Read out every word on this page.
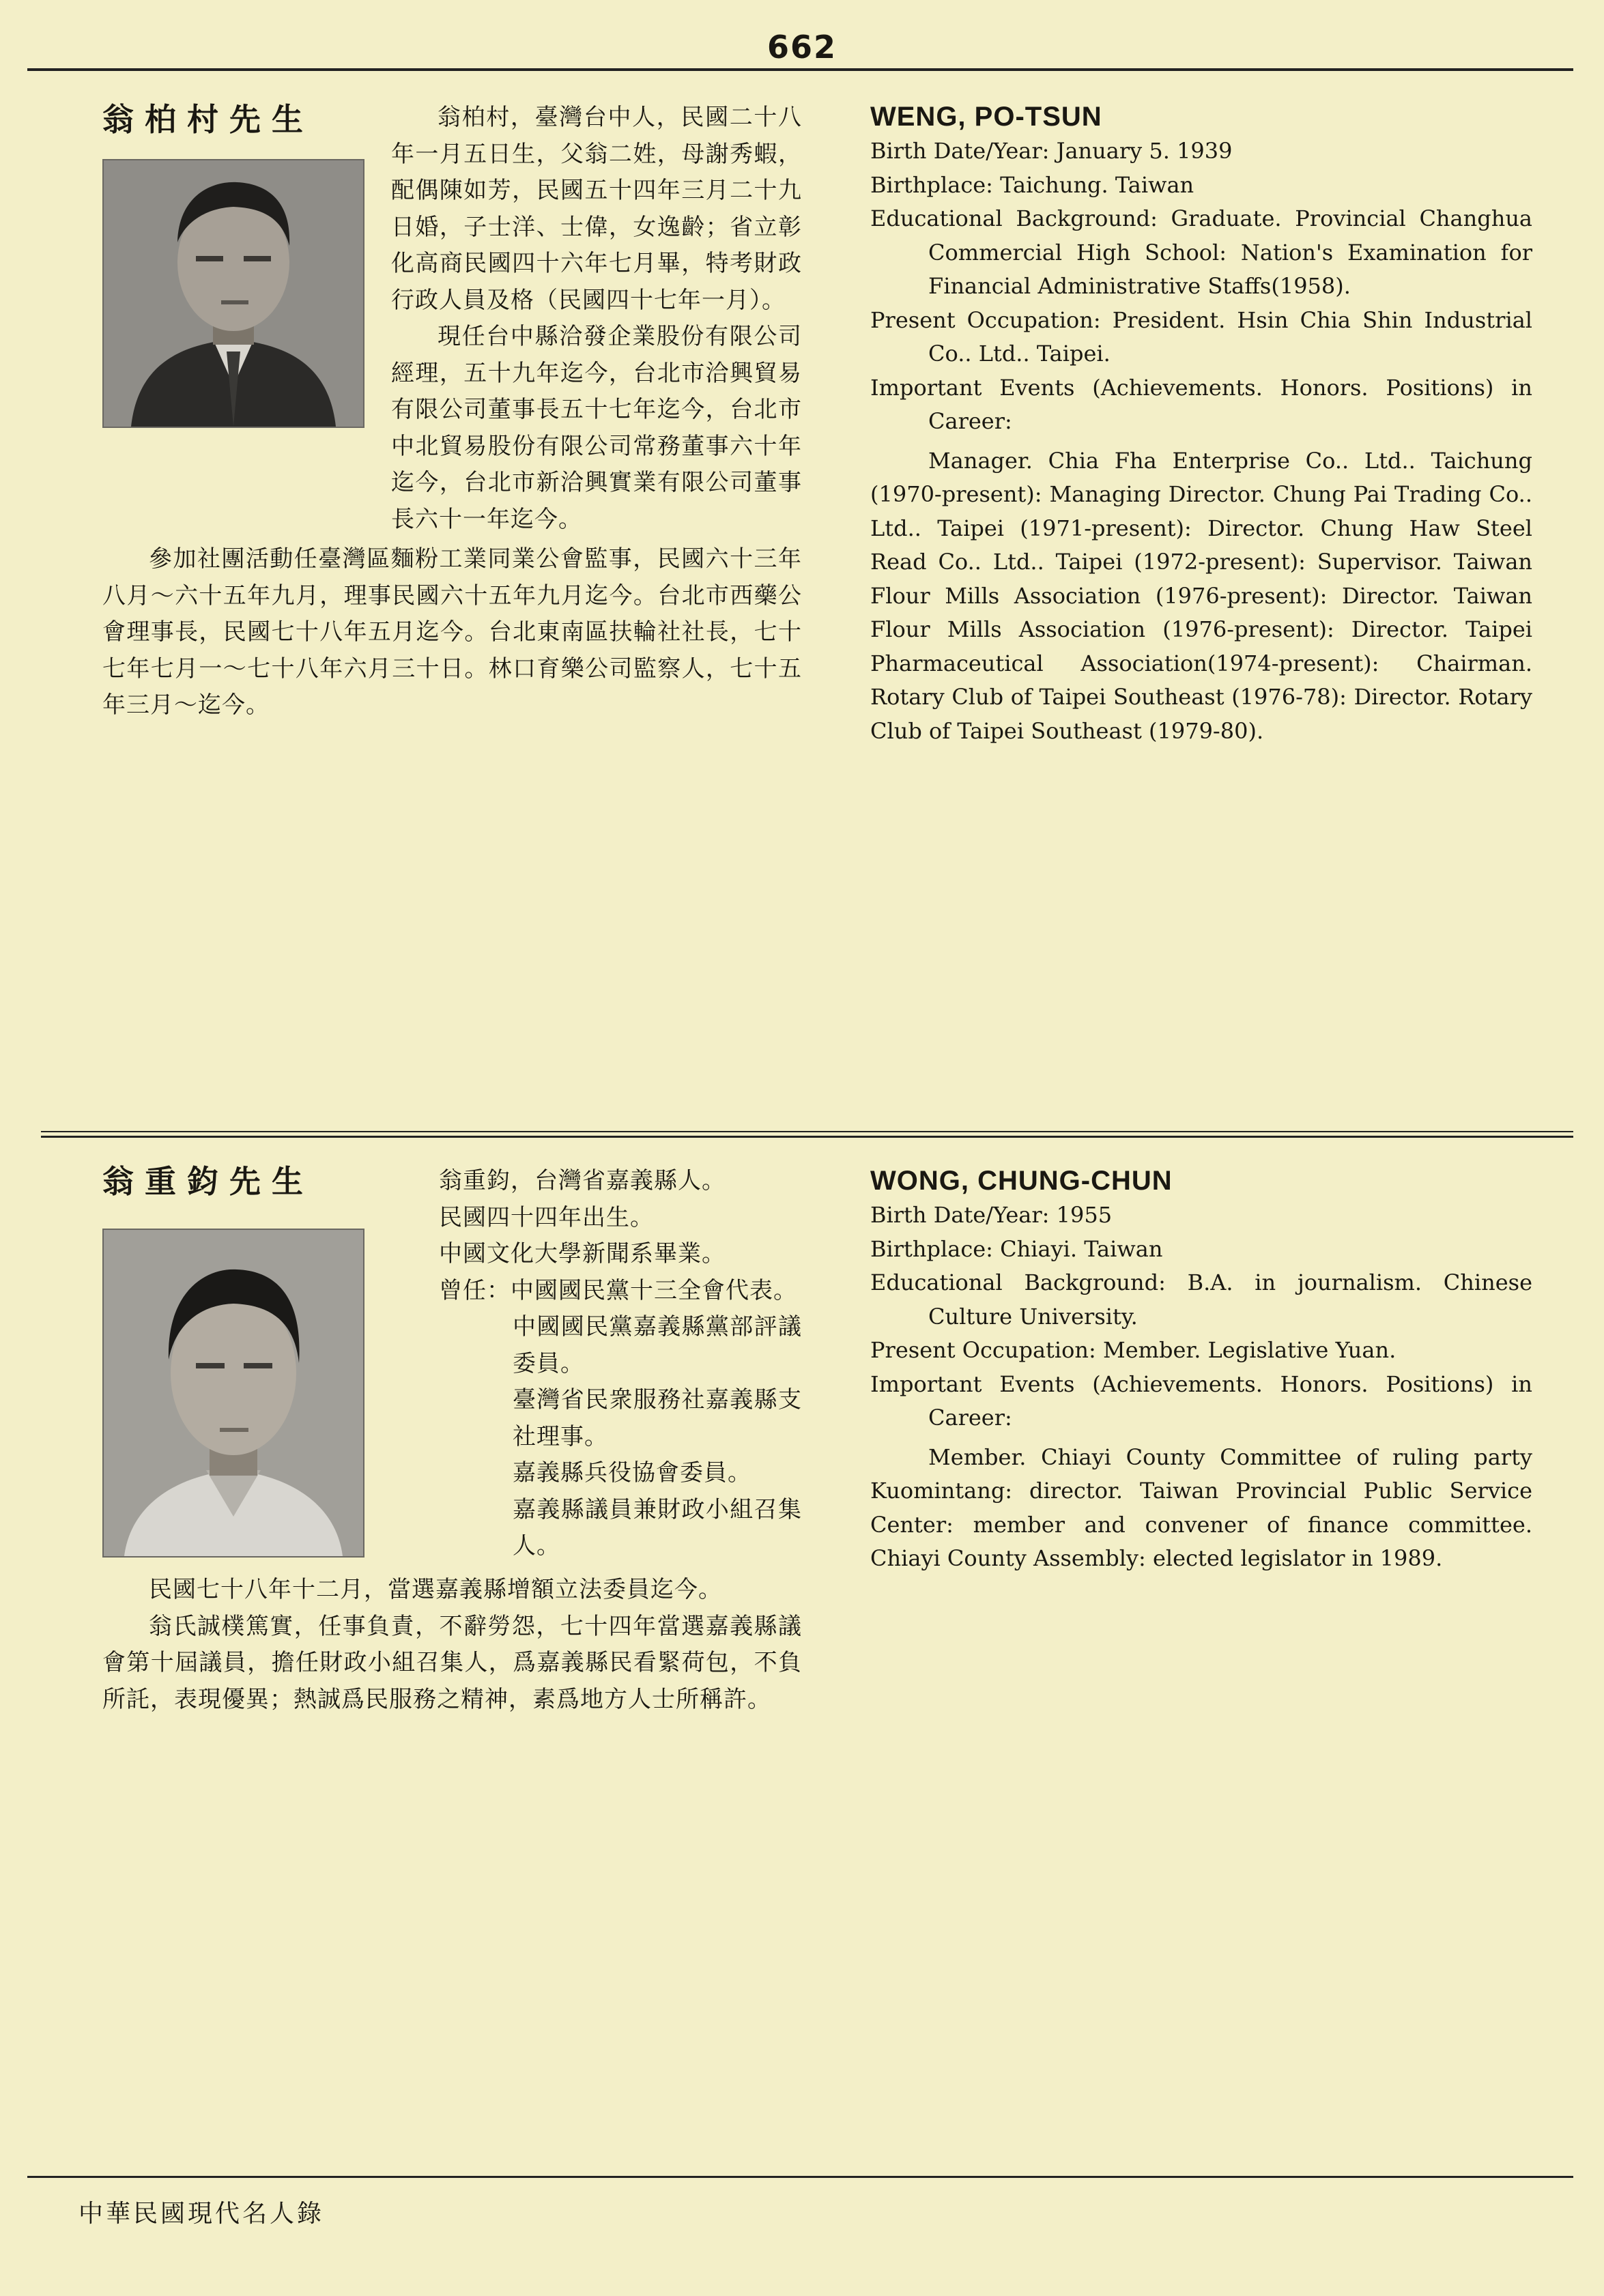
662
翁柏村先生	翁柏村，臺灣台中人，民國二十八年一月五日生，父翁二姓，母謝秀蝦，配偶陳如芳，民國五十四年三月二十九日婚，子士洋、士偉，女逸齡；省立彰化高商民國四十六年七月畢，特考財政行政人員及格（民國四十七年一月）。

現任台中縣洽發企業股份有限公司經理，五十九年迄今，台北市洽興貿易有限公司董事長五十七年迄今，台北市中北貿易股份有限公司常務董事六十年迄今，台北市新洽興實業有限公司董事長六十一年迄今。

參加社團活動任臺灣區麵粉工業同業公會監事，民國六十三年八月～六十五年九月，理事民國六十五年九月迄今。台北市西藥公會理事長，民國七十八年五月迄今。台北東南區扶輪社社長，七十七年七月一～七十八年六月三十日。林口育樂公司監察人，七十五年三月～迄今。

WENG, PO-TSUN

Birth Date/Year: January 5. 1939

Birthplace: Taichung. Taiwan

Educational Background: Graduate. Provincial Changhua Commercial High School: Nation's Examination for Financial Administrative Staffs(1958).

Present Occupation: President. Hsin Chia Shin Industrial Co.. Ltd.. Taipei.

Important Events (Achievements. Honors. Positions) in Career:

Manager. Chia Fha Enterprise Co.. Ltd.. Taichung (1970-present): Managing Director. Chung Pai Trading Co.. Ltd.. Taipei (1971-present): Director. Chung Haw Steel Read Co.. Ltd.. Taipei (1972-present): Supervisor. Taiwan Flour Mills Association (1976-present): Director. Taiwan Flour Mills Association (1976-present): Director. Taipei Pharmaceutical Association(1974-present): Chairman. Rotary Club of Taipei Southeast (1976-78): Director. Rotary Club of Taipei Southeast (1979-80).

翁重鈞先生	翁重鈞，台灣省嘉義縣人。

民國四十四年出生。

中國文化大學新聞系畢業。

曾任：中國國民黨十三全會代表。

中國國民黨嘉義縣黨部評議委員。

臺灣省民衆服務社嘉義縣支社理事。

嘉義縣兵役協會委員。

嘉義縣議員兼財政小組召集人。

民國七十八年十二月，當選嘉義縣增額立法委員迄今。

翁氏誠樸篤實，任事負責，不辭勞怨，七十四年當選嘉義縣議會第十屆議員，擔任財政小組召集人，爲嘉義縣民看緊荷包，不負所託，表現優異；熱誠爲民服務之精神，素爲地方人士所稱許。

WONG, CHUNG-CHUN

Birth Date/Year: 1955

Birthplace: Chiayi. Taiwan

Educational Background: B.A. in journalism. Chinese Culture University.

Present Occupation: Member. Legislative Yuan.

Important Events (Achievements. Honors. Positions) in Career:

Member. Chiayi County Committee of ruling party Kuomintang: director. Taiwan Provincial Public Service Center: member and convener of finance committee. Chiayi County Assembly: elected legislator in 1989.

中華民國現代名人錄
